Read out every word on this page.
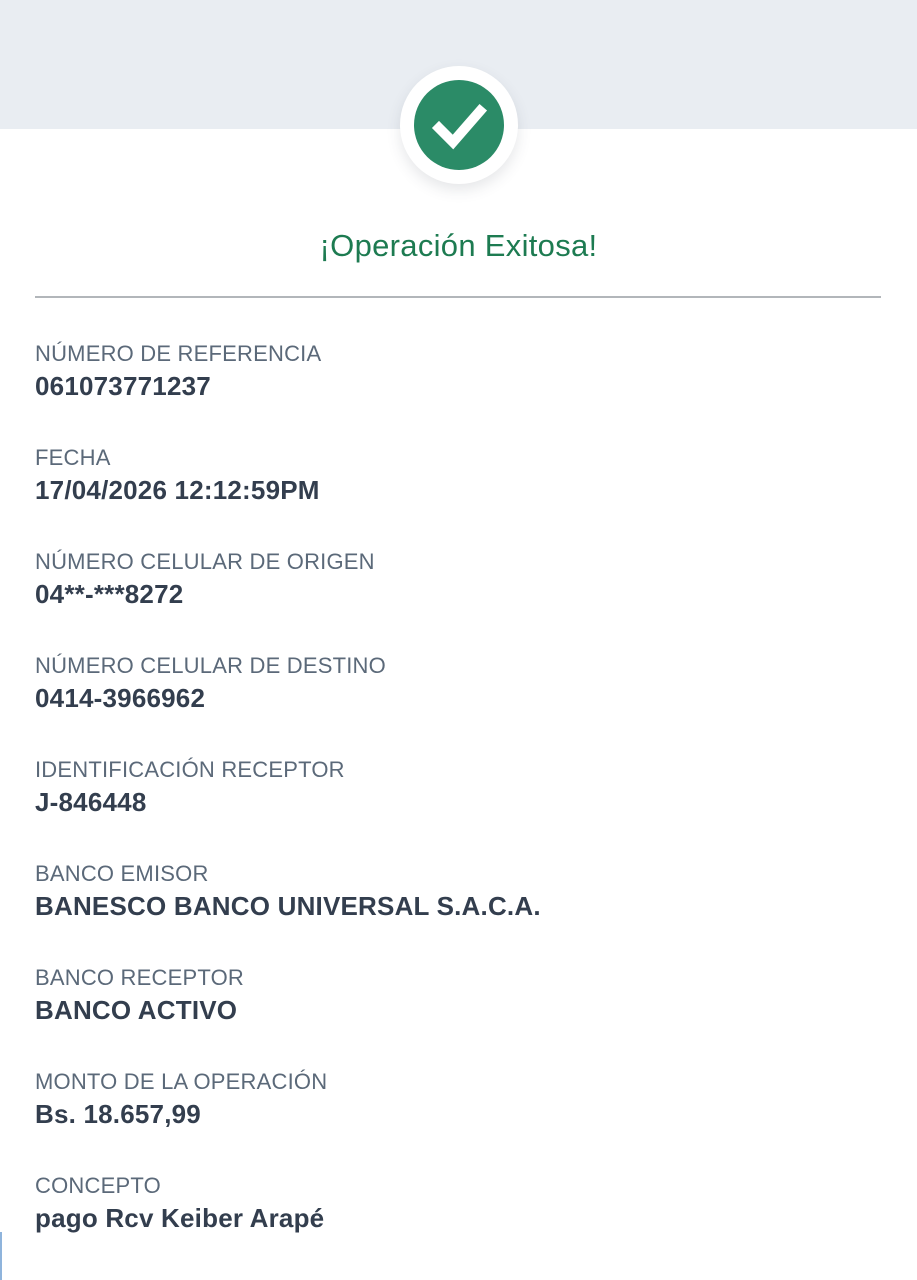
¡Operación Exitosa!
NÚMERO DE REFERENCIA
061073771237
FECHA
17/04/2026 12:12:59PM
NÚMERO CELULAR DE ORIGEN
04**-***8272
NÚMERO CELULAR DE DESTINO
0414-3966962
IDENTIFICACIÓN RECEPTOR
J-846448
BANCO EMISOR
BANESCO BANCO UNIVERSAL S.A.C.A.
BANCO RECEPTOR
BANCO ACTIVO
MONTO DE LA OPERACIÓN
Bs. 18.657,99
CONCEPTO
pago Rcv Keiber Arapé
